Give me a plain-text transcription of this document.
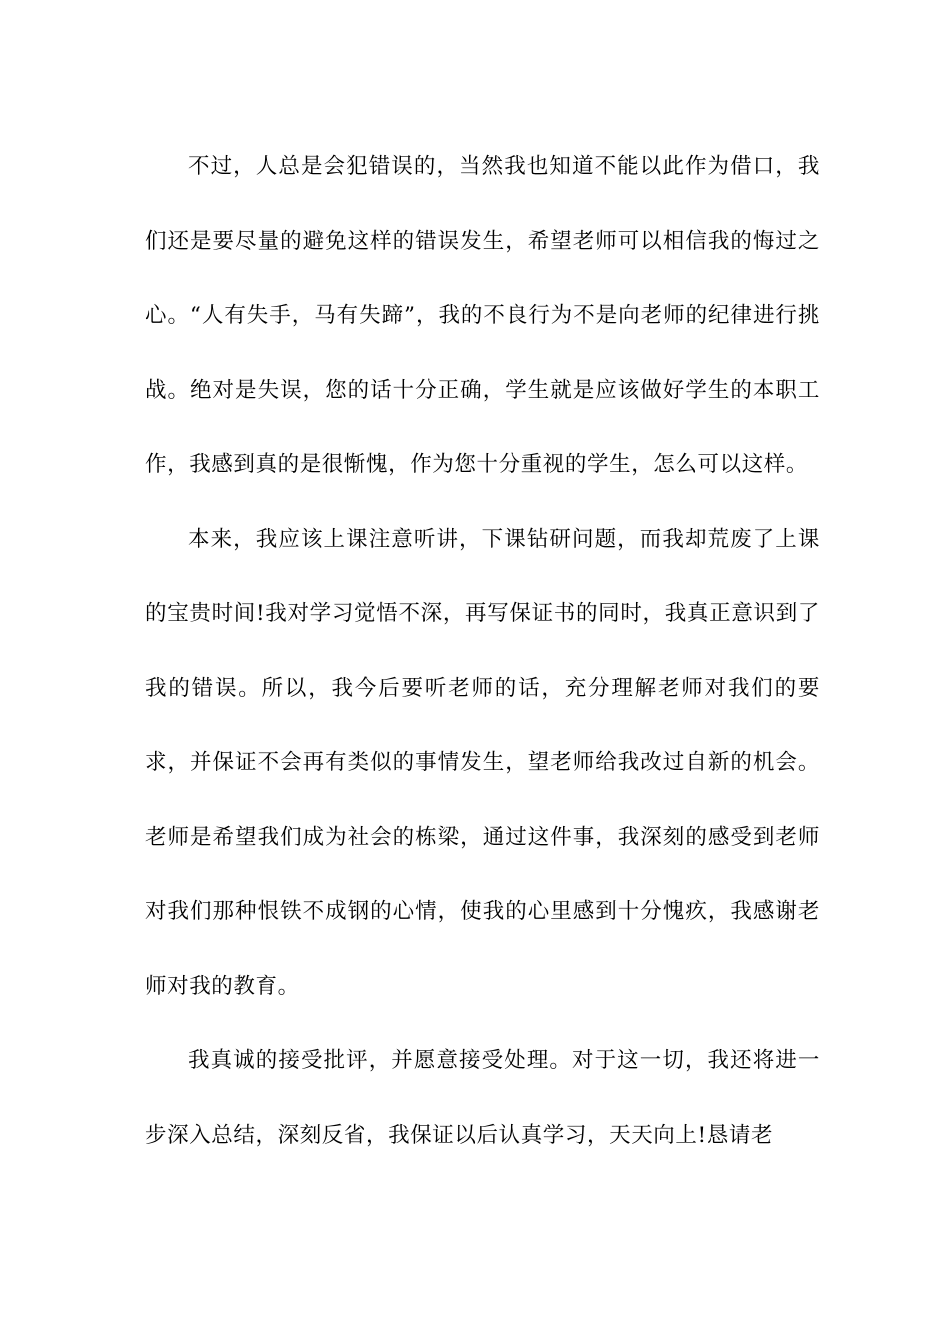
不过，人总是会犯错误的，当然我也知道不能以此作为借口，我们还是要尽量的避免这样的错误发生，希望老师可以相信我的悔过之心。“人有失手，马有失蹄”，我的不良行为不是向老师的纪律进行挑战。绝对是失误，您的话十分正确，学生就是应该做好学生的本职工作，我感到真的是很惭愧，作为您十分重视的学生，怎么可以这样。

本来，我应该上课注意听讲，下课钻研问题，而我却荒废了上课的宝贵时间!我对学习觉悟不深，再写保证书的同时，我真正意识到了我的错误。所以，我今后要听老师的话，充分理解老师对我们的要求，并保证不会再有类似的事情发生，望老师给我改过自新的机会。老师是希望我们成为社会的栋梁，通过这件事，我深刻的感受到老师对我们那种恨铁不成钢的心情，使我的心里感到十分愧疚，我感谢老师对我的教育。

我真诚的接受批评，并愿意接受处理。对于这一切，我还将进一步深入总结，深刻反省，我保证以后认真学习，天天向上!恳请老
